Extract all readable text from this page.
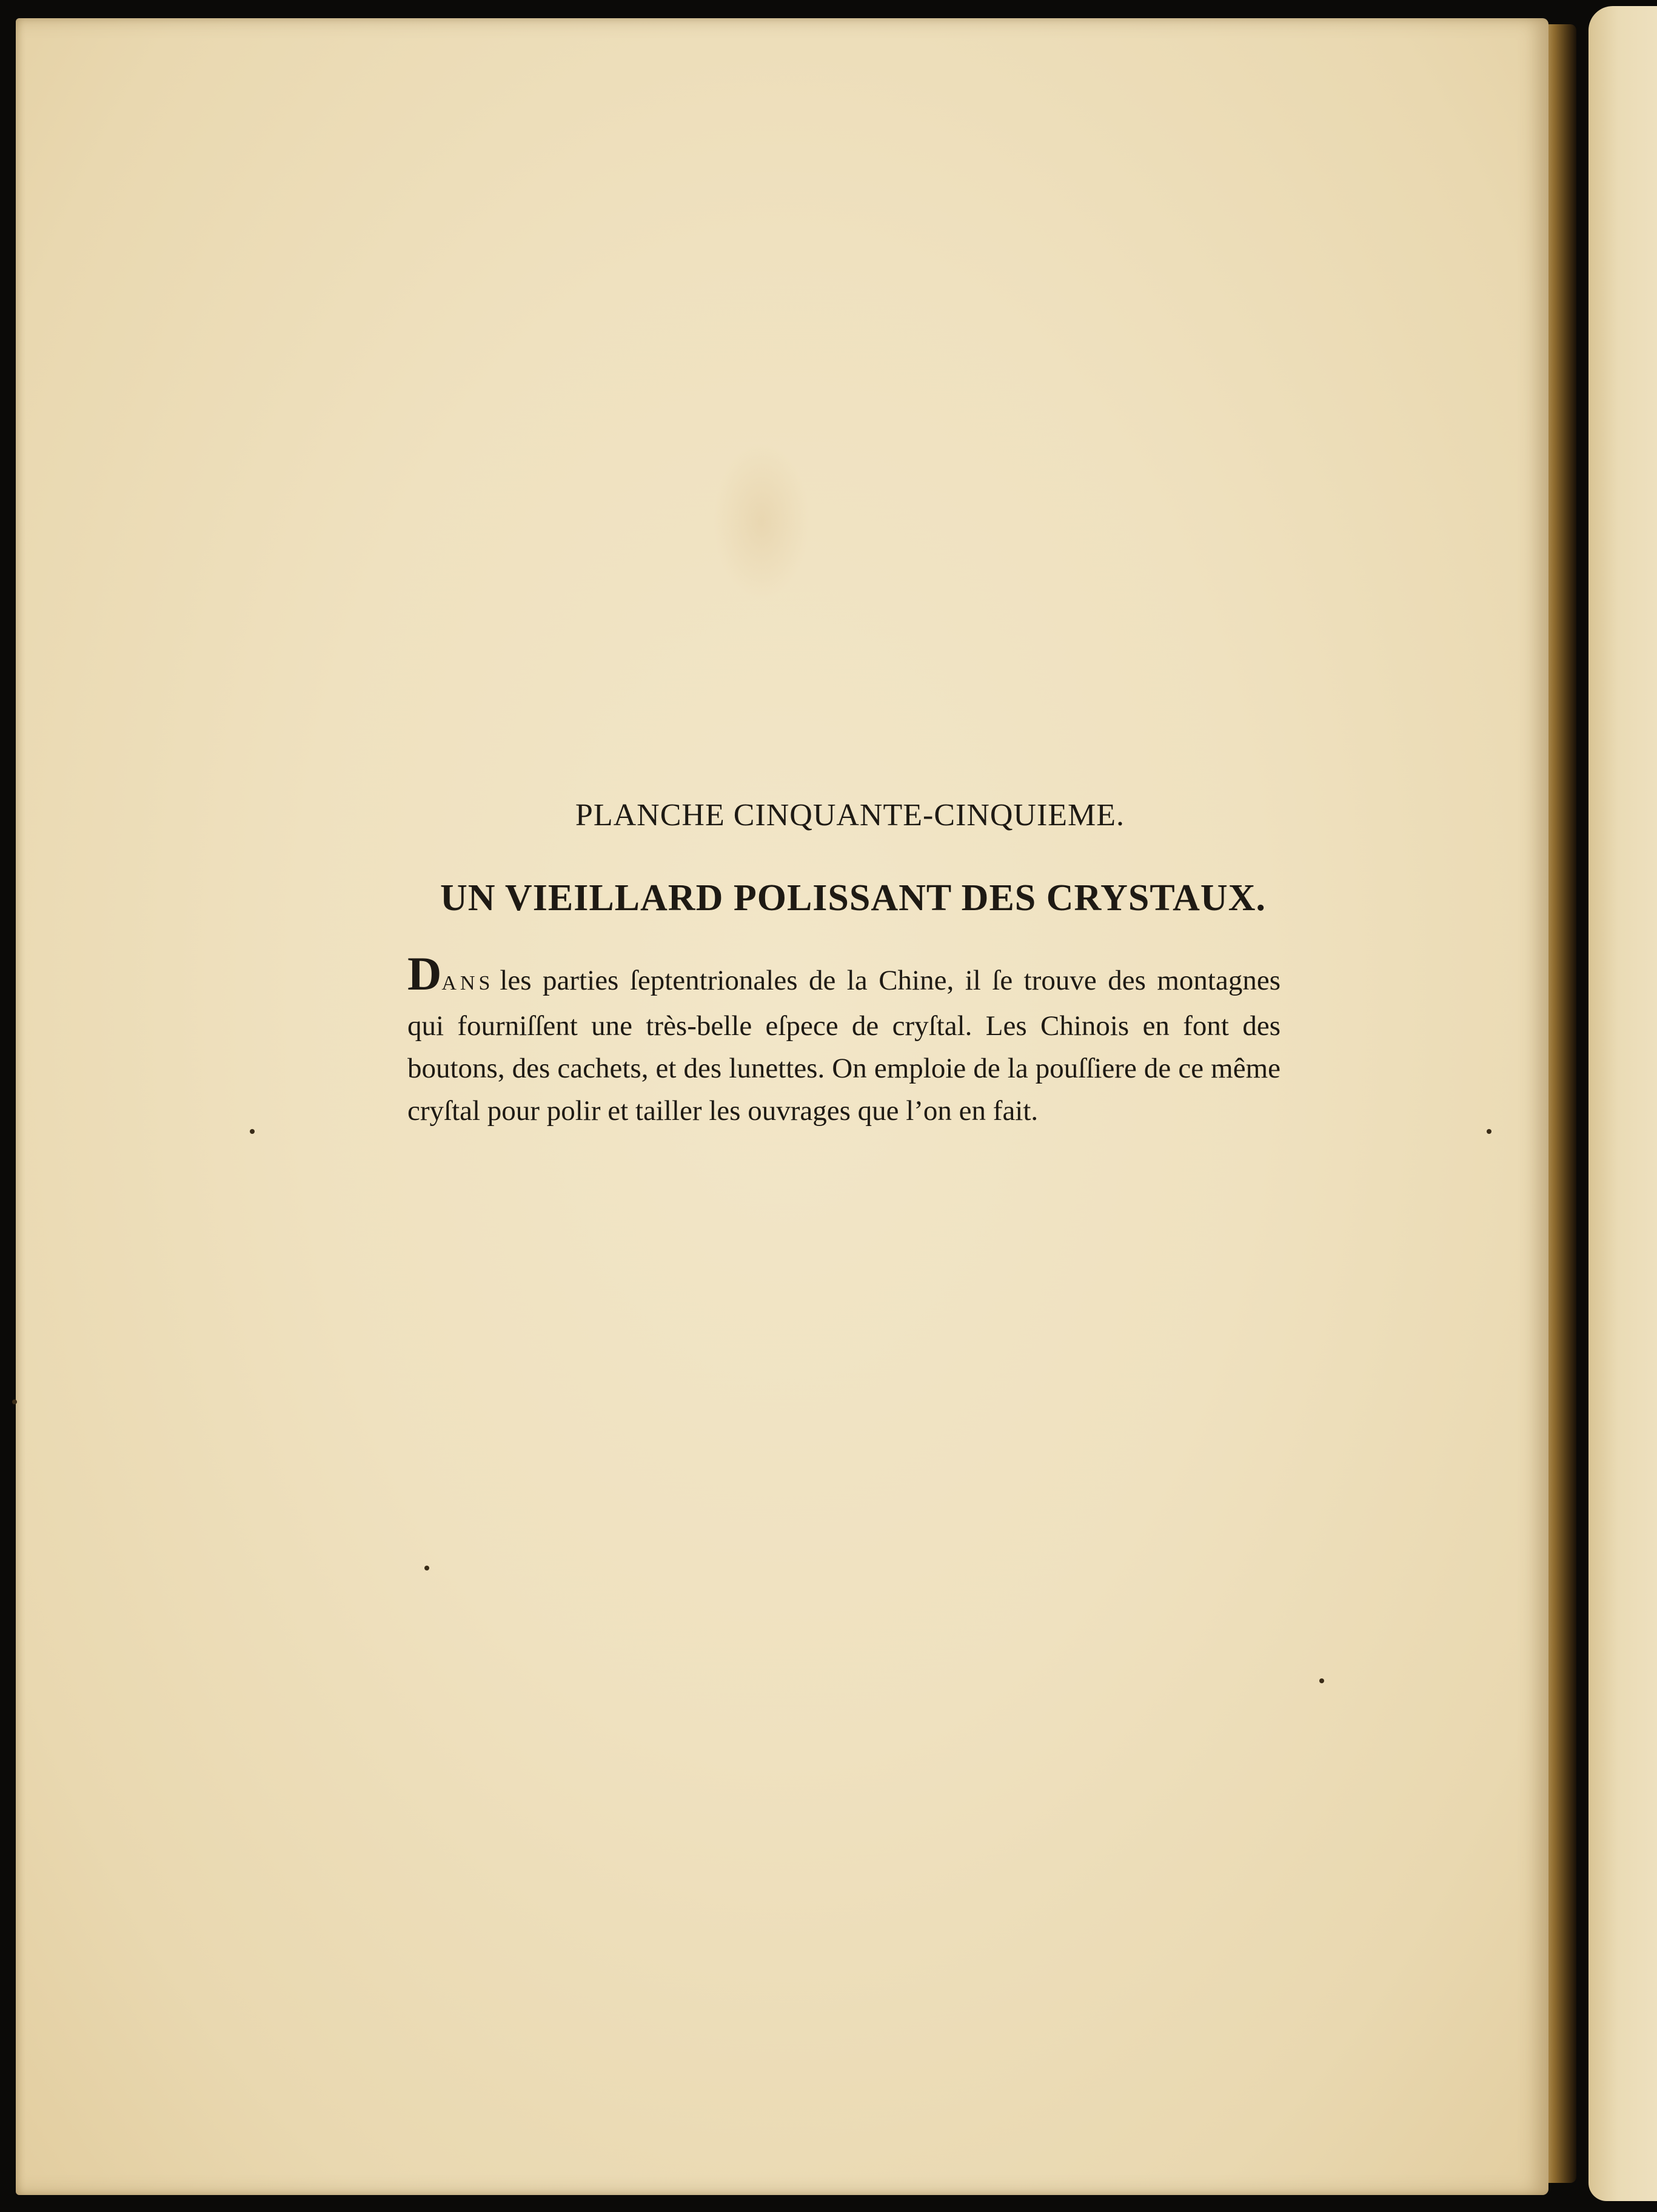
PLANCHE CINQUANTE-CINQUIEME.
UN VIEILLARD POLISSANT DES CRYSTAUX.

DANS les parties ſeptentrionales de la Chine, il ſe trouve des montagnes qui fourniſſent une très-belle eſpece de cryſtal. Les Chinois en font des boutons, des cachets, et des lunettes. On emploie de la pouſſiere de ce même cryſtal pour polir et tailler les ouvrages que l’on en fait.
